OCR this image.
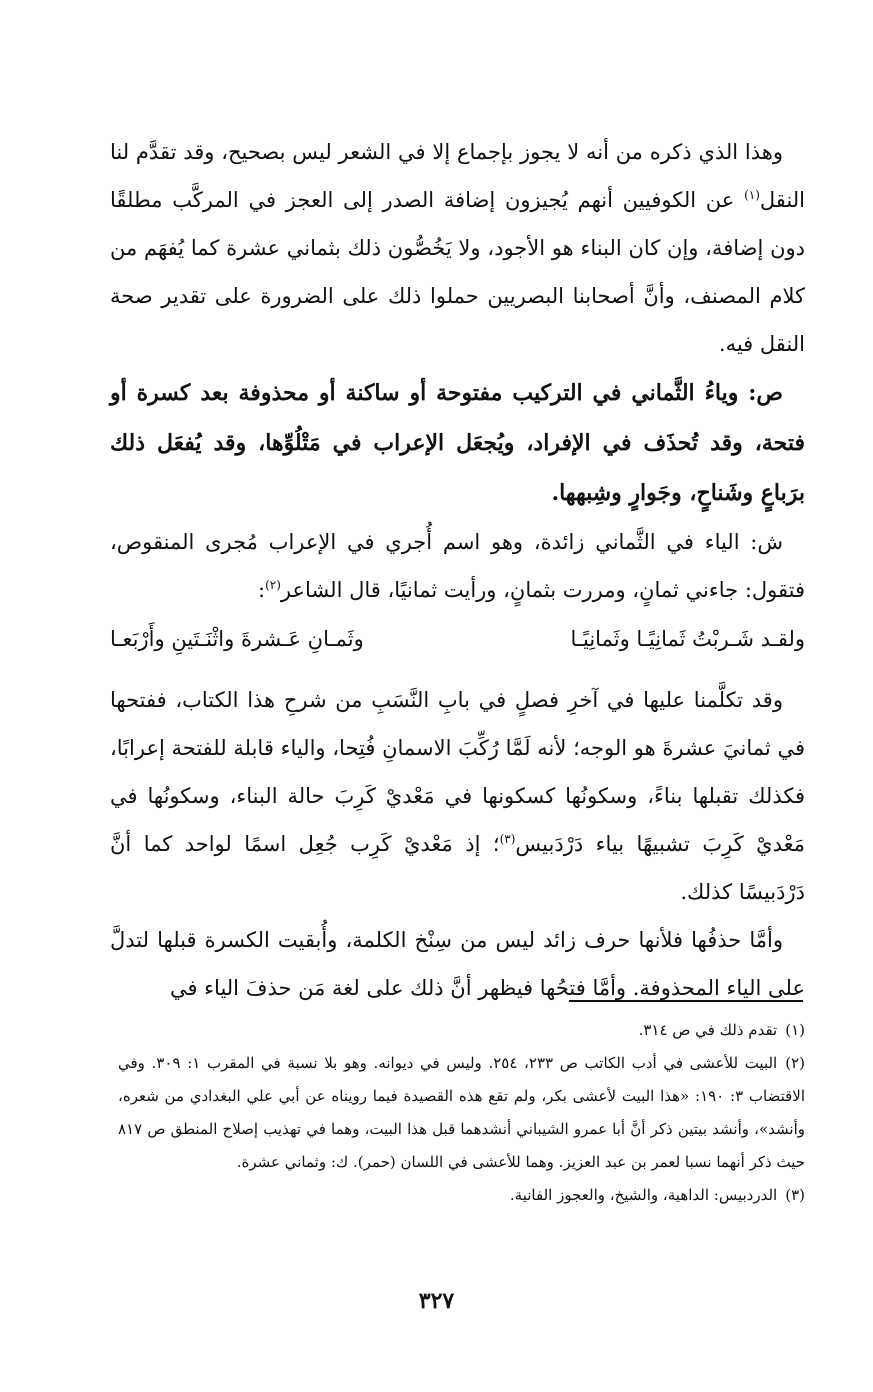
وهذا الذي ذكره من أنه لا يجوز بإجماع إلا في الشعر ليس بصحيح، وقد تقدَّم لنا النقل$^{(١)}$ عن الكوفيين أنهم يُجيزون إضافة الصدر إلى العجز في المركَّب مطلقًا دون إضافة، وإن كان البناء هو الأجود، ولا يَخُصُّون ذلك بثماني عشرة كما يُفهَم من كلام المصنف، وأنَّ أصحابنا البصريين حملوا ذلك على الضرورة على تقدير صحة النقل فيه.

ص: وياءُ الثَّماني في التركيب مفتوحة أو ساكنة أو محذوفة بعد كسرة أو فتحة، وقد تُحذَف في الإفراد، ويُجعَل الإعراب في مَتْلُوِّها، وقد يُفعَل ذلك برَباعٍ وشَناحٍ، وجَوارٍ وشِبهها.

ش: الياء في الثَّماني زائدة، وهو اسم أُجري في الإعراب مُجرى المنقوص، فتقول: جاءني ثمانٍ، ومررت بثمانٍ، ورأيت ثمانيًا، قال الشاعر$^{(٢)}$:

ولقـد شَـربْتُ ثَمانِيًـا وثَمانِيًـا
وثَمـانِ عَـشرةَ واثْنَـتَينِ وأَرْبَعـا

وقد تكلَّمنا عليها في آخرِ فصلٍ في بابِ النَّسَبِ من شرحِ هذا الكتاب، ففتحها في ثمانيَ عشرةَ هو الوجه؛ لأنه لَمَّا رُكِّبَ الاسمانِ فُتِحا، والياء قابلة للفتحة إعرابًا، فكذلك تقبلها بناءً، وسكونُها كسكونها في مَعْديْ كَرِبَ حالة البناء، وسكونُها في مَعْديْ كَرِبَ تشبيهًا بياء دَرْدَبيس$^{(٣)}$؛ إذ مَعْديْ كَرِب جُعِل اسمًا لواحد كما أنَّ دَرْدَبيسًا كذلك.

وأمَّا حذفُها فلأنها حرف زائد ليس من سِنْخ الكلمة، وأُبقيت الكسرة قبلها لتدلَّ على الياء المحذوفة. وأمَّا فتحُها فيظهر أنَّ ذلك على لغة مَن حذفَ الياء في

(١)تقدم ذلك في ص ٣١٤.

(٢)البيت للأعشى في أدب الكاتب ص ٢٣٣، ٢٥٤. وليس في ديوانه. وهو بلا نسبة في المقرب ١: ٣٠٩. وفي الاقتضاب ٣: ١٩٠: «هذا البيت لأعشى بكر، ولم تقع هذه القصيدة فيما رويناه عن أبي علي البغدادي من شعره، وأنشد»، وأنشد بيتين ذكر أنَّ أبا عمرو الشيباني أنشدهما قبل هذا البيت، وهما في تهذيب إصلاح المنطق ص ٨١٧ حيث ذكر أنهما نسبا لعمر بن عبد العزيز. وهما للأعشى في اللسان (حمر). ك: وثماني عشرة.

(٣)الدردبيس: الداهية، والشيخ، والعجوز الفانية.

٣٢٧
